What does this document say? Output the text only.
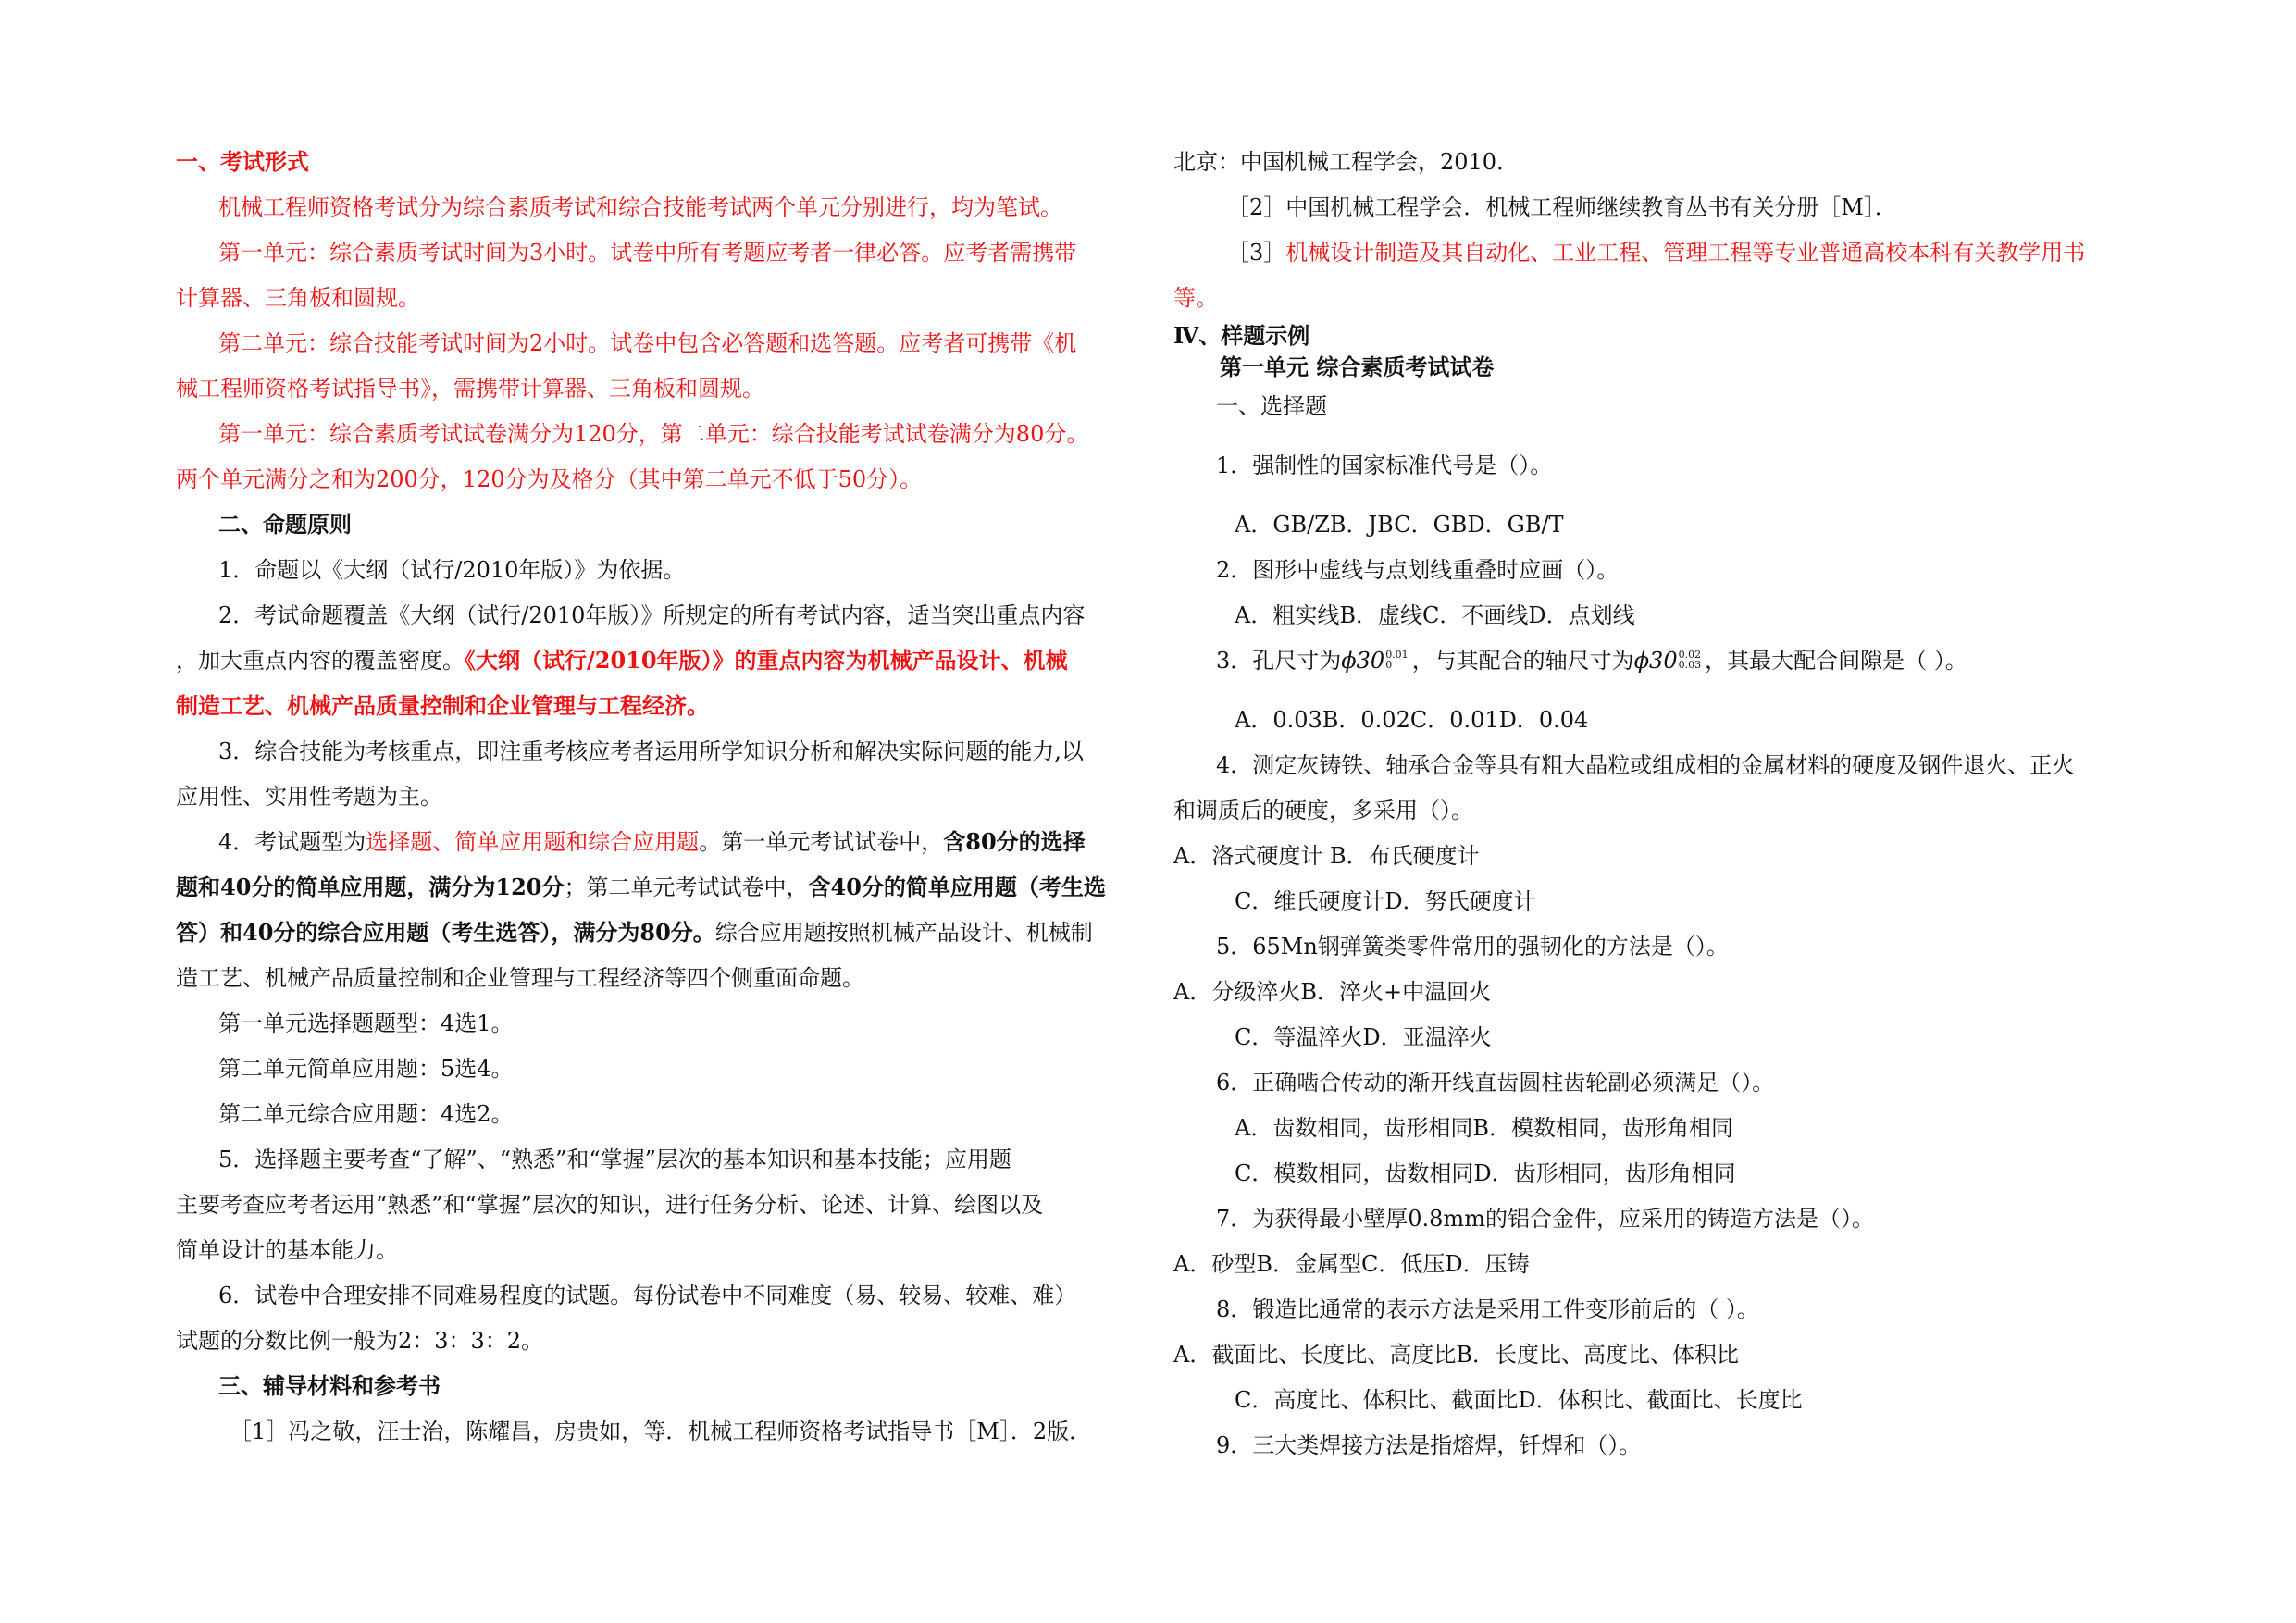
一、考试形式
机械工程师资格考试分为综合素质考试和综合技能考试两个单元分别进行，均为笔试。
第一单元：综合素质考试时间为3小时。试卷中所有考题应考者一律必答。应考者需携带
计算器、三角板和圆规。
第二单元：综合技能考试时间为2小时。试卷中包含必答题和选答题。应考者可携带《机
械工程师资格考试指导书》，需携带计算器、三角板和圆规。
第一单元：综合素质考试试卷满分为120分，第二单元：综合技能考试试卷满分为80分。
两个单元满分之和为200分，120分为及格分（其中第二单元不低于50分）。
二、命题原则
1．命题以《大纲（试行/2010年版）》为依据。
2．考试命题覆盖《大纲（试行/2010年版）》所规定的所有考试内容，适当突出重点内容
，加大重点内容的覆盖密度。《大纲（试行/2010年版）》的重点内容为机械产品设计、机械
制造工艺、机械产品质量控制和企业管理与工程经济。
3．综合技能为考核重点，即注重考核应考者运用所学知识分析和解决实际问题的能力,以
应用性、实用性考题为主。
4．考试题型为选择题、简单应用题和综合应用题。第一单元考试试卷中，含80分的选择
题和40分的简单应用题，满分为120分；第二单元考试试卷中，含40分的简单应用题（考生选
答）和40分的综合应用题（考生选答），满分为80分。综合应用题按照机械产品设计、机械制
造工艺、机械产品质量控制和企业管理与工程经济等四个侧重面命题。
第一单元选择题题型：4选1。
第二单元简单应用题：5选4。
第二单元综合应用题：4选2。
5．选择题主要考查“了解”、“熟悉”和“掌握”层次的基本知识和基本技能；应用题
主要考查应考者运用“熟悉”和“掌握”层次的知识，进行任务分析、论述、计算、绘图以及
简单设计的基本能力。
6．试卷中合理安排不同难易程度的试题。每份试卷中不同难度（易、较易、较难、难）
试题的分数比例一般为2：3：3：2。
三、辅导材料和参考书
［1］冯之敬，汪士治，陈耀昌，房贵如，等．机械工程师资格考试指导书［M］．2版．
北京：中国机械工程学会，2010．
［2］中国机械工程学会．机械工程师继续教育丛书有关分册［M］．
［3］机械设计制造及其自动化、工业工程、管理工程等专业普通高校本科有关教学用书
等。
Ⅳ、样题示例
第一单元 综合素质考试试卷
一、选择题
1．强制性的国家标准代号是（）。
A．GB/ZB．JBC．GBD．GB/T
2．图形中虚线与点划线重叠时应画（）。
A．粗实线B．虚线C．不画线D．点划线
3．孔尺寸为ϕ30 0.01
0 ，与其配合的轴尺寸为ϕ30 0.02
0.03 ，其最大配合间隙是（ ）。
A．0.03B．0.02C．0.01D．0.04
4．测定灰铸铁、轴承合金等具有粗大晶粒或组成相的金属材料的硬度及钢件退火、正火
和调质后的硬度，多采用（）。
A．洛式硬度计 B．布氏硬度计
C．维氏硬度计D．努氏硬度计
5．65Mn钢弹簧类零件常用的强韧化的方法是（）。
A．分级淬火B．淬火+中温回火
C．等温淬火D．亚温淬火
6．正确啮合传动的渐开线直齿圆柱齿轮副必须满足（）。
A．齿数相同，齿形相同B．模数相同，齿形角相同
C．模数相同，齿数相同D．齿形相同，齿形角相同
7．为获得最小壁厚0.8mm的铝合金件，应采用的铸造方法是（）。
A．砂型B．金属型C．低压D．压铸
8．锻造比通常的表示方法是采用工件变形前后的（ ）。
A．截面比、长度比、高度比B．长度比、高度比、体积比
C．高度比、体积比、截面比D．体积比、截面比、长度比
9．三大类焊接方法是指熔焊，钎焊和（）。
